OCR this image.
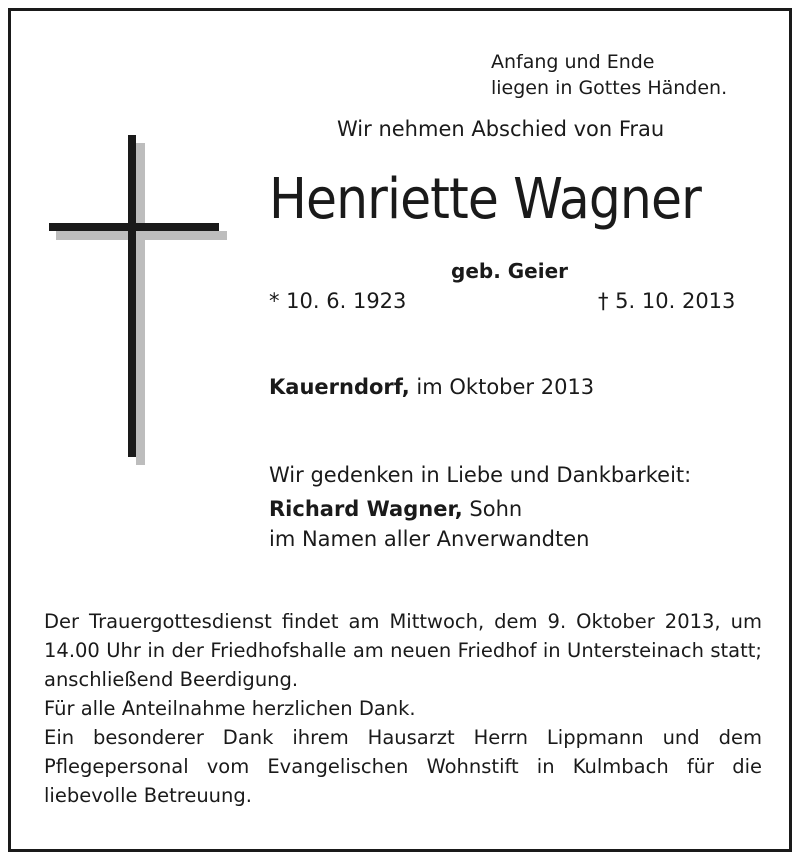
Anfang und Ende
liegen in Gottes Händen.

Wir nehmen Abschied von Frau

Henriette Wagner

geb. Geier

* 10. 6. 1923	† 5. 10. 2013

Kauerndorf, im Oktober 2013

Wir gedenken in Liebe und Dankbarkeit:

Richard Wagner, Sohn

im Namen aller Anverwandten

Der Trauergottesdienst findet am Mittwoch, dem 9. Oktober 2013, um 14.00 Uhr in der Friedhofshalle am neuen Friedhof in Untersteinach statt; anschließend Beerdigung.

Für alle Anteilnahme herzlichen Dank.

Ein besonderer Dank ihrem Hausarzt Herrn Lippmann und dem Pflegepersonal vom Evangelischen Wohnstift in Kulmbach für die liebevolle Betreuung.
